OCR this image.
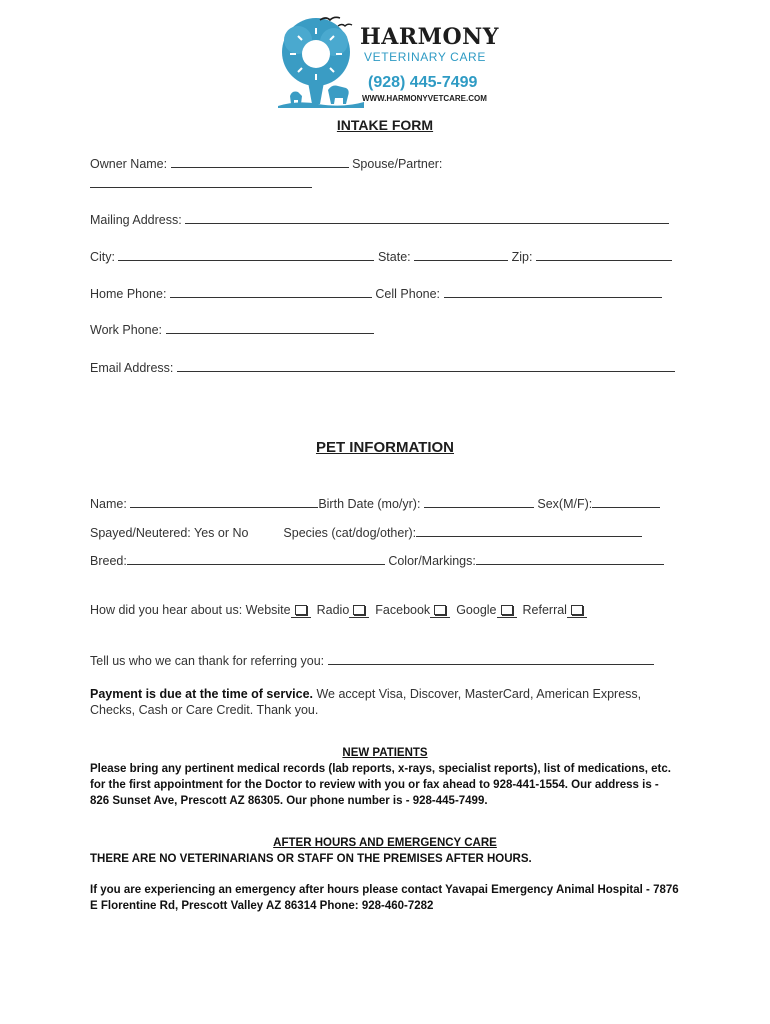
HARMONY
VETERINARY CARE
(928) 445-7499
WWW.HARMONYVETCARE.COM
INTAKE FORM
Owner Name:	Spouse/Partner:
Mailing Address:
City:	State:	Zip:
Home Phone:	Cell Phone:
Work Phone:
Email Address:
PET INFORMATION
Name:	Birth Date (mo/yr):	Sex(M/F):
Spayed/Neutered: Yes or No	Species (cat/dog/other):
Breed:	Color/Markings:
How did you hear about us: Website Radio Facebook Google Referral
Tell us who we can thank for referring you:
Payment is due at the time of service. We accept Visa, Discover, MasterCard, American Express, Checks, Cash or Care Credit. Thank you.
NEW PATIENTS
Please bring any pertinent medical records (lab reports, x-rays, specialist reports), list of medications, etc. for the first appointment for the Doctor to review with you or fax ahead to 928-441-1554. Our address is - 826 Sunset Ave, Prescott AZ 86305. Our phone number is - 928-445-7499.
AFTER HOURS AND EMERGENCY CARE
THERE ARE NO VETERINARIANS OR STAFF ON THE PREMISES AFTER HOURS.
If you are experiencing an emergency after hours please contact Yavapai Emergency Animal Hospital - 7876 E Florentine Rd, Prescott Valley AZ 86314 Phone: 928-460-7282
